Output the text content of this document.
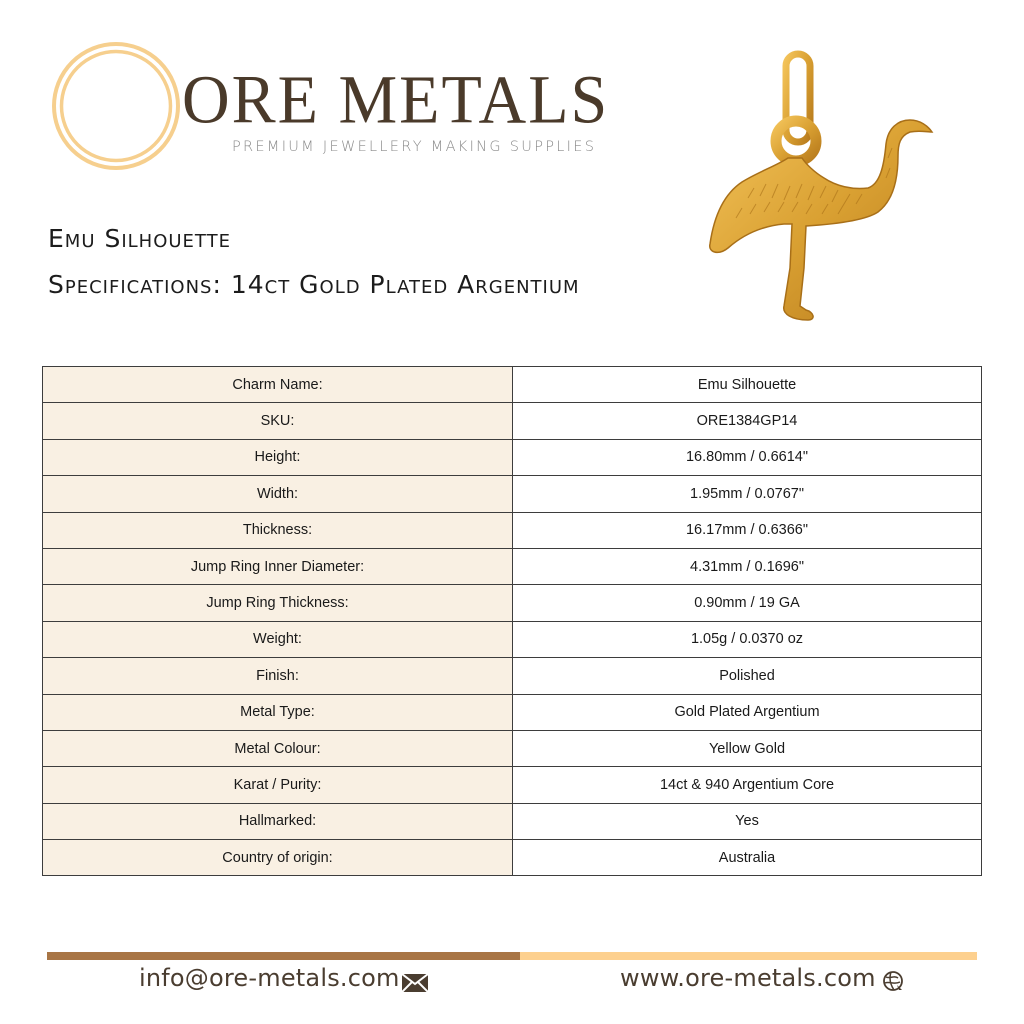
ORE METALS
PREMIUM JEWELLERY MAKING SUPPLIES
Emu Silhouette
Specifications: 14ct Gold Plated Argentium
Charm Name:	Emu Silhouette
SKU:	ORE1384GP14
Height:	16.80mm / 0.6614"
Width:	1.95mm / 0.0767"
Thickness:	16.17mm / 0.6366"
Jump Ring Inner Diameter:	4.31mm / 0.1696"
Jump Ring Thickness:	0.90mm / 19 GA
Weight:	1.05g / 0.0370 oz
Finish:	Polished
Metal Type:	Gold Plated Argentium
Metal Colour:	Yellow Gold
Karat / Purity:	14ct & 940 Argentium Core
Hallmarked:	Yes
Country of origin:	Australia
info@ore-metals.com	www.ore-metals.com
